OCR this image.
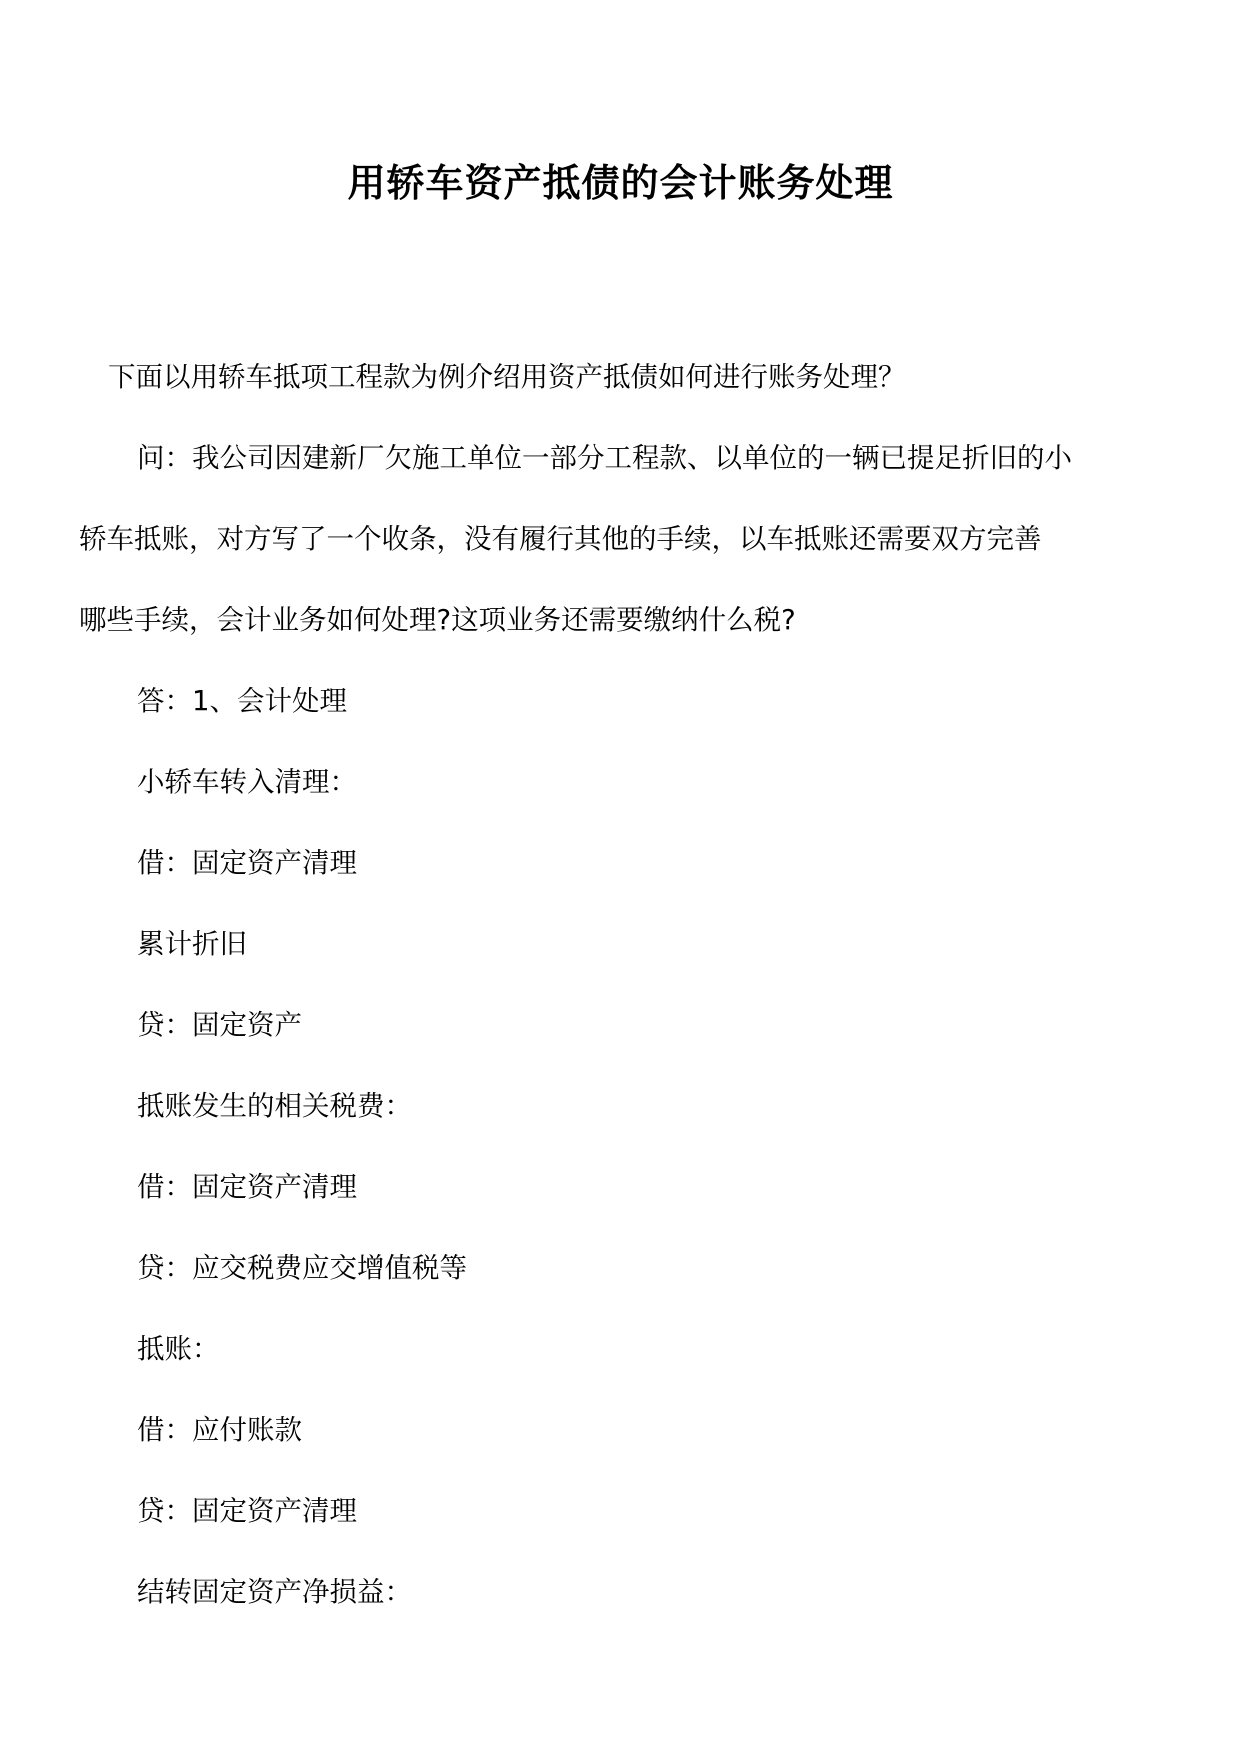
用轿车资产抵债的会计账务处理

下面以用轿车抵项工程款为例介绍用资产抵债如何进行账务处理？

问：我公司因建新厂欠施工单位一部分工程款、以单位的一辆已提足折旧的小
轿车抵账，对方写了一个收条，没有履行其他的手续，以车抵账还需要双方完善
哪些手续，会计业务如何处理?这项业务还需要缴纳什么税?

答：1、会计处理

小轿车转入清理：

借：固定资产清理

累计折旧

贷：固定资产

抵账发生的相关税费：

借：固定资产清理

贷：应交税费应交增值税等

抵账：

借：应付账款

贷：固定资产清理

结转固定资产净损益：
